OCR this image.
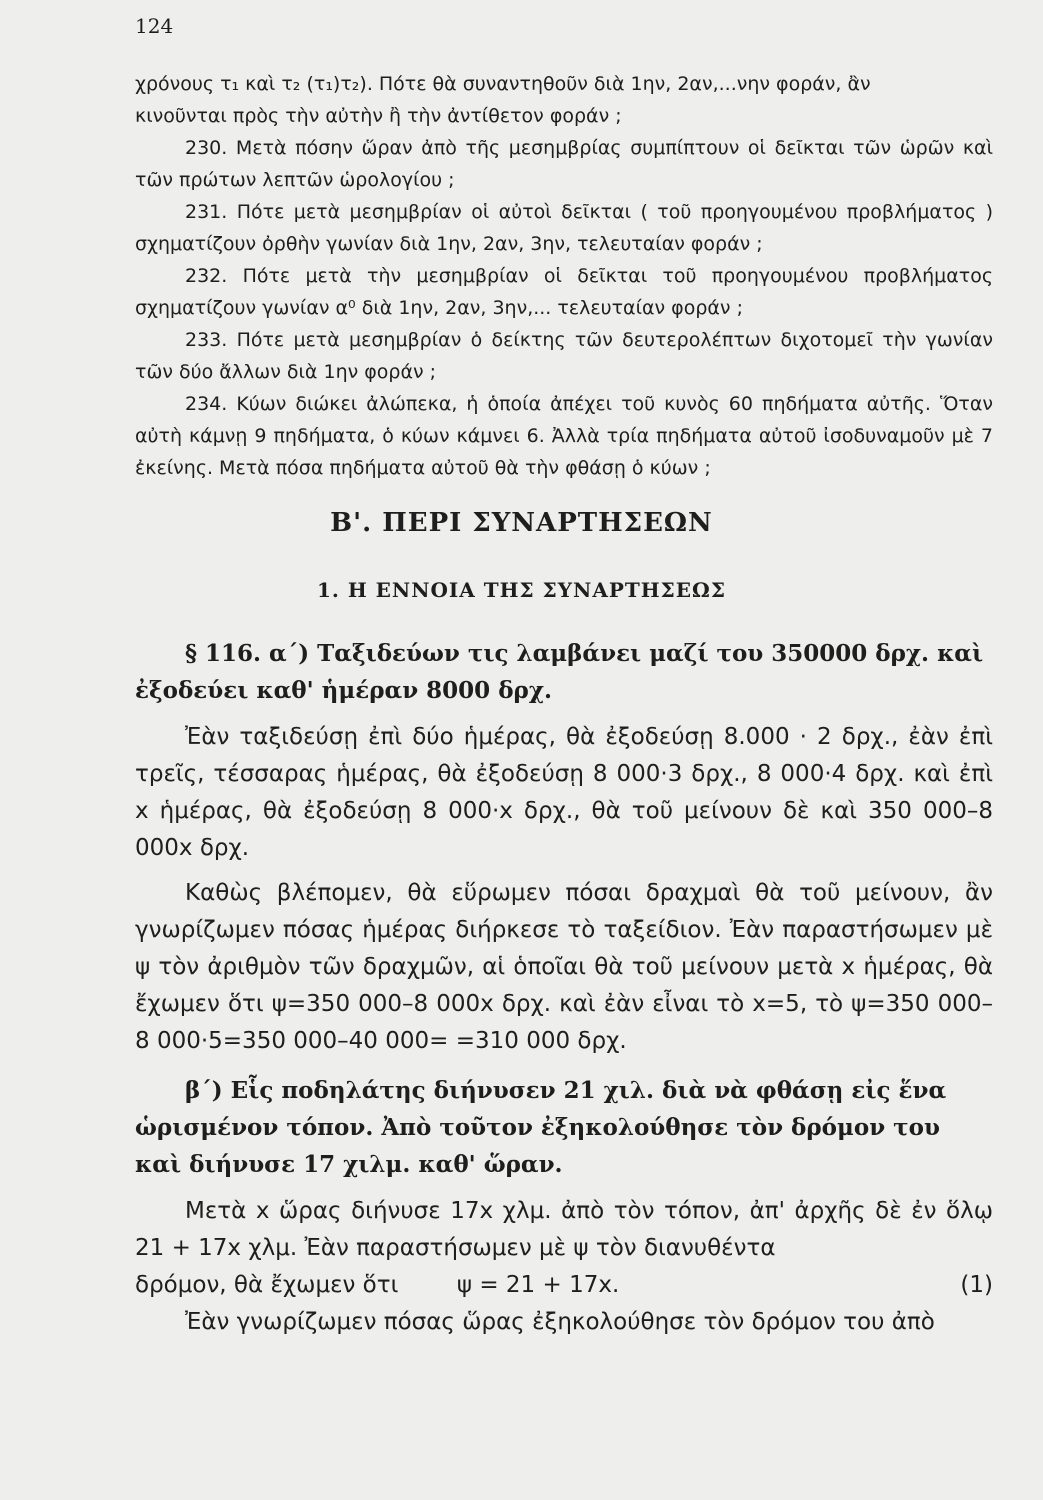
124

χρόνους τ₁ καὶ τ₂ (τ₁)τ₂). Πότε θὰ συναντηθοῦν διὰ 1ην, 2αν,...νην φοράν, ἂν

κινοῦνται πρὸς τὴν αὐτὴν ἢ τὴν ἀντίθετον φοράν ;

230. Μετὰ πόσην ὥραν ἀπὸ τῆς μεσημβρίας συμπίπτουν οἱ δεῖκται τῶν ὡρῶν καὶ τῶν πρώτων λεπτῶν ὡρολογίου ;

231. Πότε μετὰ μεσημβρίαν οἱ αὐτοὶ δεῖκται ( τοῦ προηγουμένου προβλήματος ) σχηματίζουν ὀρθὴν γωνίαν διὰ 1ην, 2αν, 3ην, τελευταίαν φοράν ;

232. Πότε μετὰ τὴν μεσημβρίαν οἱ δεῖκται τοῦ προηγουμένου προβλήματος σχηματίζουν γωνίαν α⁰ διὰ 1ην, 2αν, 3ην,... τελευταίαν φοράν ;

233. Πότε μετὰ μεσημβρίαν ὁ δείκτης τῶν δευτερολέπτων διχοτομεῖ τὴν γωνίαν τῶν δύο ἄλλων διὰ 1ην φοράν ;

234. Κύων διώκει ἀλώπεκα, ἡ ὁποία ἀπέχει τοῦ κυνὸς 60 πηδήματα αὐτῆς. Ὅταν αὐτὴ κάμνῃ 9 πηδήματα, ὁ κύων κάμνει 6. Ἀλλὰ τρία πηδήματα αὐτοῦ ἰσοδυναμοῦν μὲ 7 ἐκείνης. Μετὰ πόσα πηδήματα αὐτοῦ θὰ τὴν φθάσῃ ὁ κύων ;

Β'. ΠΕΡΙ ΣΥΝΑΡΤΗΣΕΩΝ
1. Η ΕΝΝΟΙΑ ΤΗΣ ΣΥΝΑΡΤΗΣΕΩΣ

§ 116. α΄) Ταξιδεύων τις λαμβάνει μαζί του 350000 δρχ. καὶ ἐξοδεύει καθ' ἡμέραν 8000 δρχ.

Ἐὰν ταξιδεύσῃ ἐπὶ δύο ἡμέρας, θὰ ἐξοδεύσῃ 8.000 · 2 δρχ., ἐὰν ἐπὶ τρεῖς, τέσσαρας ἡμέρας, θὰ ἐξοδεύσῃ 8 000·3 δρχ., 8 000·4 δρχ. καὶ ἐπὶ x ἡμέρας, θὰ ἐξοδεύσῃ 8 000·x δρχ., θὰ τοῦ μείνουν δὲ καὶ 350 000–8 000x δρχ.

Καθὼς βλέπομεν, θὰ εὕρωμεν πόσαι δραχμαὶ θὰ τοῦ μείνουν, ἂν γνωρίζωμεν πόσας ἡμέρας διήρκεσε τὸ ταξείδιον. Ἐὰν παραστήσωμεν μὲ ψ τὸν ἀριθμὸν τῶν δραχμῶν, αἱ ὁποῖαι θὰ τοῦ μείνουν μετὰ x ἡμέρας, θὰ ἔχωμεν ὅτι ψ=350 000–8 000x δρχ. καὶ ἐὰν εἶναι τὸ x=5, τὸ ψ=350 000–8 000·5=350 000–40 000= =310 000 δρχ.

β΄) Εἷς ποδηλάτης διήνυσεν 21 χιλ. διὰ νὰ φθάσῃ εἰς ἕνα ὡρισμένον τόπον. Ἀπὸ τοῦτον ἐξηκολούθησε τὸν δρόμον του καὶ διήνυσε 17 χιλμ. καθ' ὥραν.

Μετὰ x ὥρας διήνυσε 17x χλμ. ἀπὸ τὸν τόπον, ἀπ' ἀρχῆς δὲ ἐν ὅλῳ 21 + 17x χλμ. Ἐὰν παραστήσωμεν μὲ ψ τὸν διανυθέντα

δρόμον, θὰ ἔχωμεν ὅτι        ψ = 21 + 17x.	(1)

Ἐὰν γνωρίζωμεν πόσας ὥρας ἐξηκολούθησε τὸν δρόμον του ἀπὸ
